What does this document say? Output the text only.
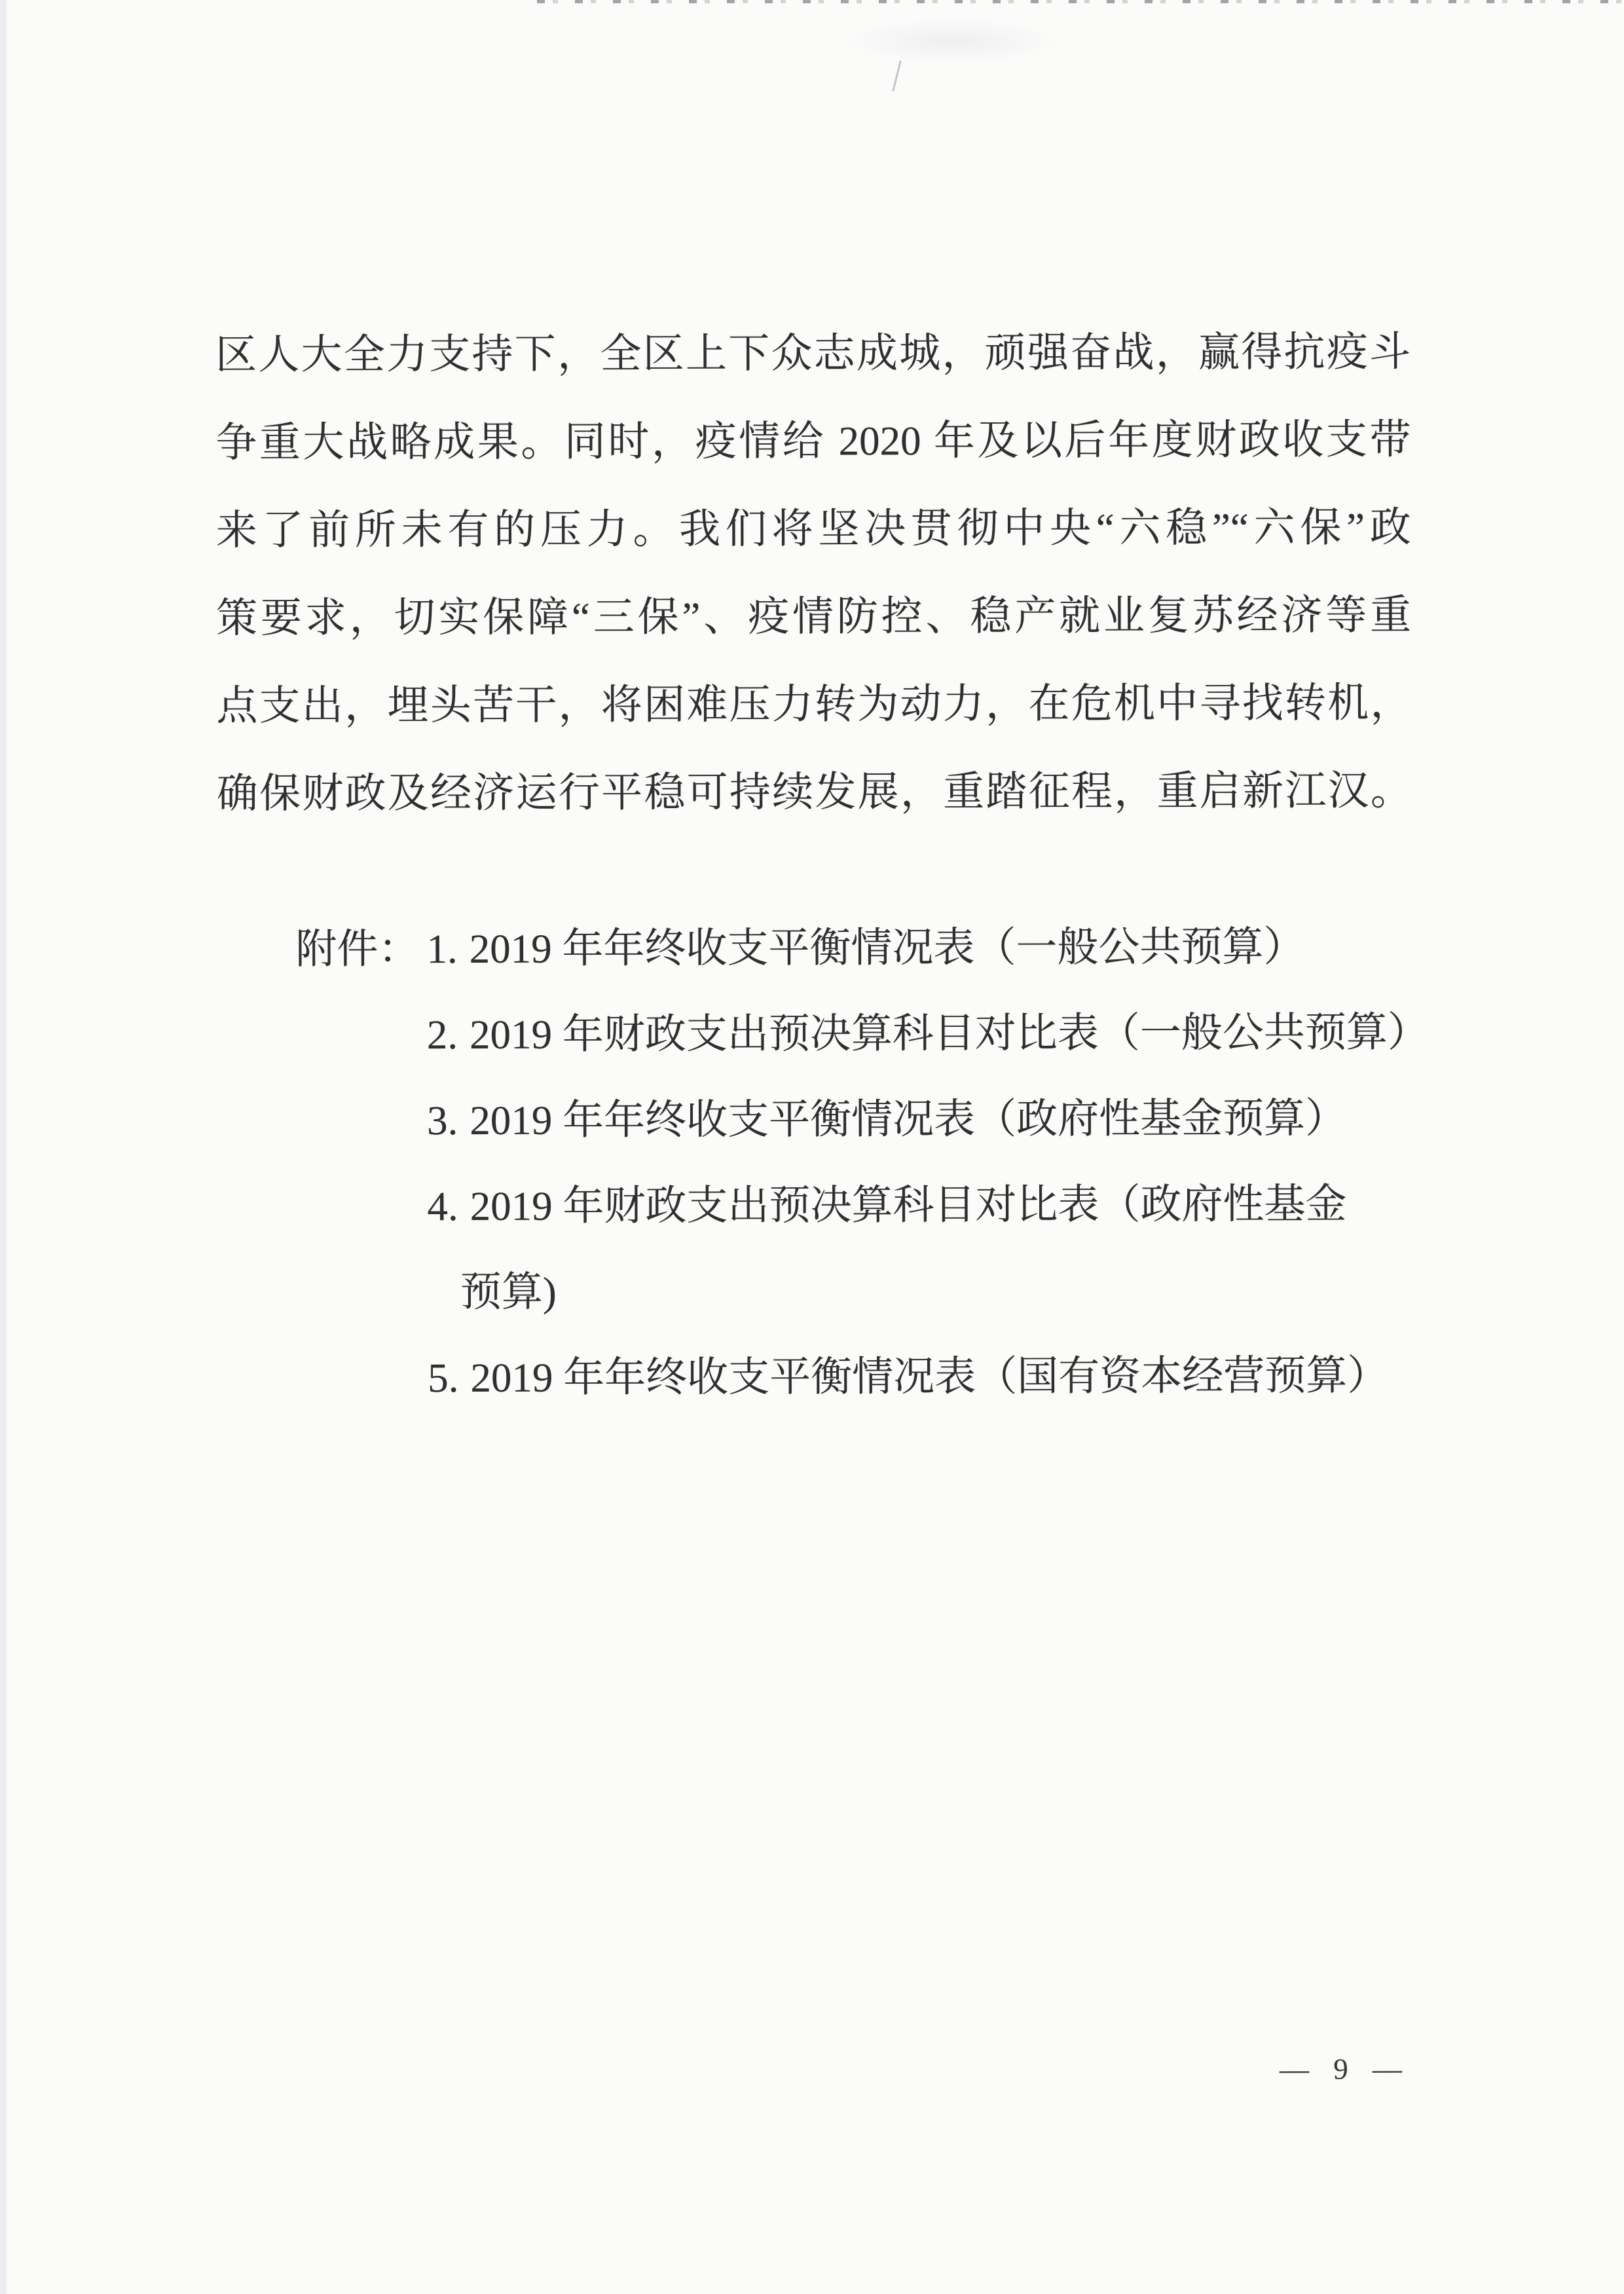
区人大全力支持下，全区上下众志成城，顽强奋战，赢得抗疫斗
争重大战略成果。同时，疫情给 2020 年及以后年度财政收支带
来了前所未有的压力。我们将坚决贯彻中央“六稳”“六保”政
策要求，切实保障“三保”、疫情防控、稳产就业复苏经济等重
点支出，埋头苦干，将困难压力转为动力，在危机中寻找转机，
确保财政及经济运行平稳可持续发展，重踏征程，重启新江汉。
附件： 1. 2019 年年终收支平衡情况表（一般公共预算）
2. 2019 年财政支出预决算科目对比表（一般公共预算）
3. 2019 年年终收支平衡情况表（政府性基金预算）
4. 2019 年财政支出预决算科目对比表（政府性基金
预算)
5. 2019 年年终收支平衡情况表（国有资本经营预算）
— 9 —
